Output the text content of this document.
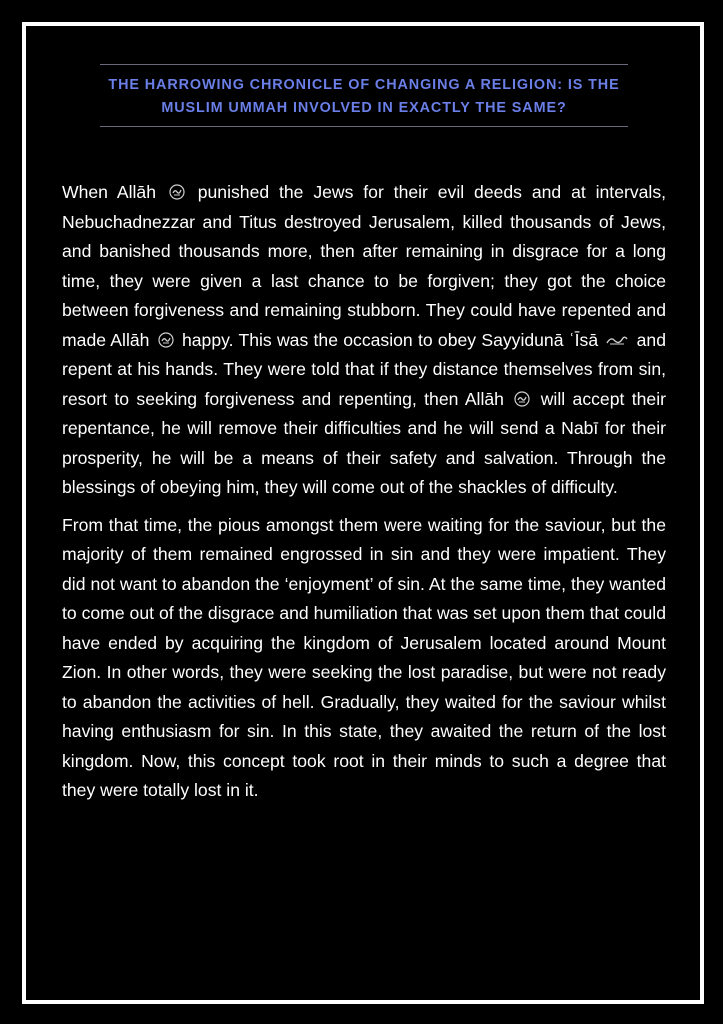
THE HARROWING CHRONICLE OF CHANGING A RELIGION: IS THE MUSLIM UMMAH INVOLVED IN EXACTLY THE SAME?

When Allāh  punished the Jews for their evil deeds and at intervals, Nebuchadnezzar and Titus destroyed Jerusalem, killed thousands of Jews, and banished thousands more, then after remaining in disgrace for a long time, they were given a last chance to be forgiven; they got the choice between forgiveness and remaining stubborn. They could have repented and made Allāh  happy. This was the occasion to obey Sayyidunā ʿĪsā  and repent at his hands. They were told that if they distance themselves from sin, resort to seeking forgiveness and repenting, then Allāh  will accept their repentance, he will remove their difficulties and he will send a Nabī for their prosperity, he will be a means of their safety and salvation. Through the blessings of obeying him, they will come out of the shackles of difficulty.

From that time, the pious amongst them were waiting for the saviour, but the majority of them remained engrossed in sin and they were impatient. They did not want to abandon the ‘enjoyment’ of sin. At the same time, they wanted to come out of the disgrace and humiliation that was set upon them that could have ended by acquiring the kingdom of Jerusalem located around Mount Zion. In other words, they were seeking the lost paradise, but were not ready to abandon the activities of hell. Gradually, they waited for the saviour whilst having enthusiasm for sin. In this state, they awaited the return of the lost kingdom. Now, this concept took root in their minds to such a degree that they were totally lost in it.
